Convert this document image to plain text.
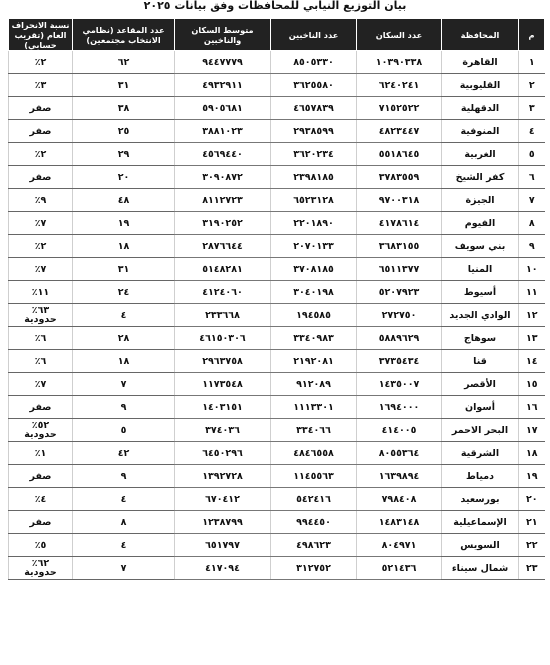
بيان التوزيع النيابي للمحافظات وفق بيانات ٢٠٢٥
م	المحافظة	عدد السكان	عدد الناخبين	متوسط السكان والناخبين	عدد المقاعد (نظامي الانتخاب مجتمعين)	نسبة الانحراف العام (تقريب حسابي)
١	القاهرة	١٠٣٩٠٣٣٨	٨٥٠٥٣٣٠	٩٤٤٧٧٧٩	٦٢	٢٪

٢	القليوبية	٦٢٤٠٢٤١	٣٦٢٥٥٨٠	٤٩٣٢٩١١	٣١	٣٪

٣	الدقهلية	٧١٥٢٥٢٢	٤٦٥٧٨٣٩	٥٩٠٥٦٨١	٣٨	صفر

٤	المنوفية	٤٨٢٣٤٤٧	٢٩٣٨٥٩٩	٣٨٨١٠٢٣	٢٥	صفر

٥	الغربية	٥٥١٨٦٤٥	٣٦٢٠٢٣٤	٤٥٦٩٤٤٠	٢٩	٢٪

٦	كفر الشيخ	٣٧٨٣٥٥٩	٢٣٩٨١٨٥	٣٠٩٠٨٧٢	٢٠	صفر

٧	الجيزة	٩٧٠٠٣١٨	٦٥٢٣١٢٨	٨١١٢٧٢٣	٤٨	٩٪

٨	الفيوم	٤١٧٨٦١٤	٢٢٠١٨٩٠	٣١٩٠٢٥٢	١٩	٧٪

٩	بني سويف	٣٦٨٣١٥٥	٢٠٧٠١٣٣	٢٨٧٦٦٤٤	١٨	٢٪

١٠	المنيا	٦٥١١٣٧٧	٣٧٠٨١٨٥	٥١٤٨٢٨١	٣١	٧٪

١١	أسيوط	٥٢٠٧٩٢٣	٣٠٤٠١٩٨	٤١٢٤٠٦٠	٢٤	١١٪

١٢	الوادي الجديد	٢٧٢٧٥٠	١٩٤٥٨٥	٢٣٣٦٦٨	٤	٦٣٪
حدودية

١٣	سوهاج	٥٨٨٩٦٢٩	٣٣٤٠٩٨٣	٤٦١٥٠٣٠٦	٢٨	٦٪

١٤	قنا	٣٧٣٥٤٣٤	٢١٩٢٠٨١	٢٩٦٣٧٥٨	١٨	٦٪

١٥	الأقصر	١٤٣٥٠٠٧	٩١٢٠٨٩	١١٧٣٥٤٨	٧	٧٪

١٦	أسوان	١٦٩٤٠٠٠	١١١٣٣٠١	١٤٠٣١٥١	٩	صفر

١٧	البحر الاحمر	٤١٤٠٠٥	٣٣٤٠٦٦	٣٧٤٠٣٦	٥	٥٢٪
حدودية

١٨	الشرقية	٨٠٥٥٣٦٤	٤٨٤٦٥٥٨	٦٤٥٠٢٩٦	٤٢	١٪

١٩	دمياط	١٦٣٩٨٩٤	١١٤٥٥٦٣	١٣٩٢٧٢٨	٩	صفر

٢٠	بورسعيد	٧٩٨٤٠٨	٥٤٢٤١٦	٦٧٠٤١٢	٤	٤٪

٢١	الإسماعيلية	١٤٨٣١٤٨	٩٩٤٤٥٠	١٢٣٨٧٩٩	٨	صفر

٢٢	السويس	٨٠٤٩٧١	٤٩٨٦٢٣	٦٥١٧٩٧	٤	٥٪

٢٣	شمال سيناء	٥٢١٤٣٦	٣١٢٧٥٢	٤١٧٠٩٤	٧	٦٢٪
حدودية
